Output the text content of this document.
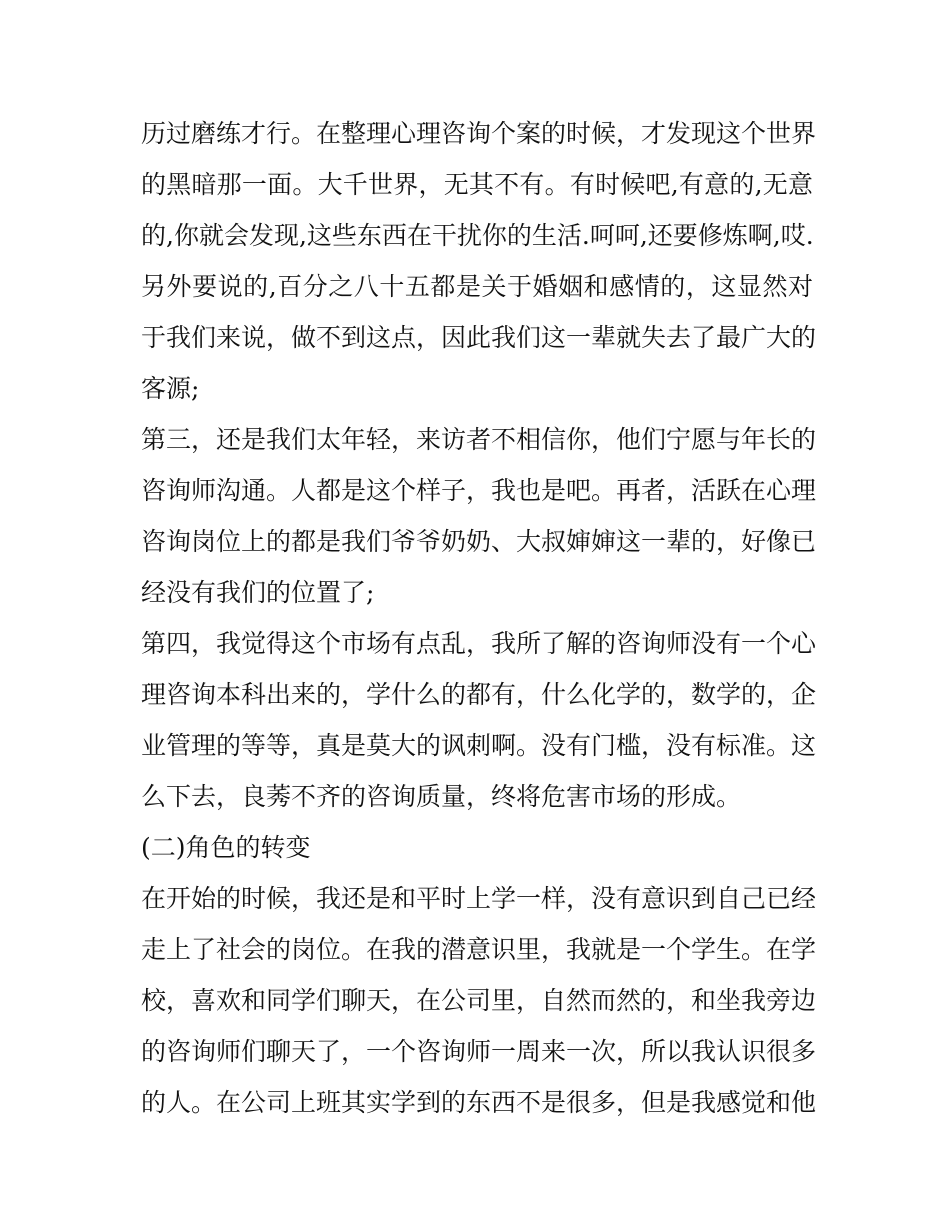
历过磨练才行。在整理心理咨询个案的时候，才发现这个世界
的黑暗那一面。大千世界，无其不有。有时候吧,有意的,无意
的,你就会发现,这些东西在干扰你的生活.呵呵,还要修炼啊,哎.
另外要说的,百分之八十五都是关于婚姻和感情的，这显然对
于我们来说，做不到这点，因此我们这一辈就失去了最广大的
客源;
第三，还是我们太年轻，来访者不相信你，他们宁愿与年长的
咨询师沟通。人都是这个样子，我也是吧。再者，活跃在心理
咨询岗位上的都是我们爷爷奶奶、大叔婶婶这一辈的，好像已
经没有我们的位置了;
第四，我觉得这个市场有点乱，我所了解的咨询师没有一个心
理咨询本科出来的，学什么的都有，什么化学的，数学的，企
业管理的等等，真是莫大的讽刺啊。没有门槛，没有标准。这
么下去，良莠不齐的咨询质量，终将危害市场的形成。
(二)角色的转变
在开始的时候，我还是和平时上学一样，没有意识到自己已经
走上了社会的岗位。在我的潜意识里，我就是一个学生。在学
校，喜欢和同学们聊天，在公司里，自然而然的，和坐我旁边
的咨询师们聊天了，一个咨询师一周来一次，所以我认识很多
的人。在公司上班其实学到的东西不是很多，但是我感觉和他
